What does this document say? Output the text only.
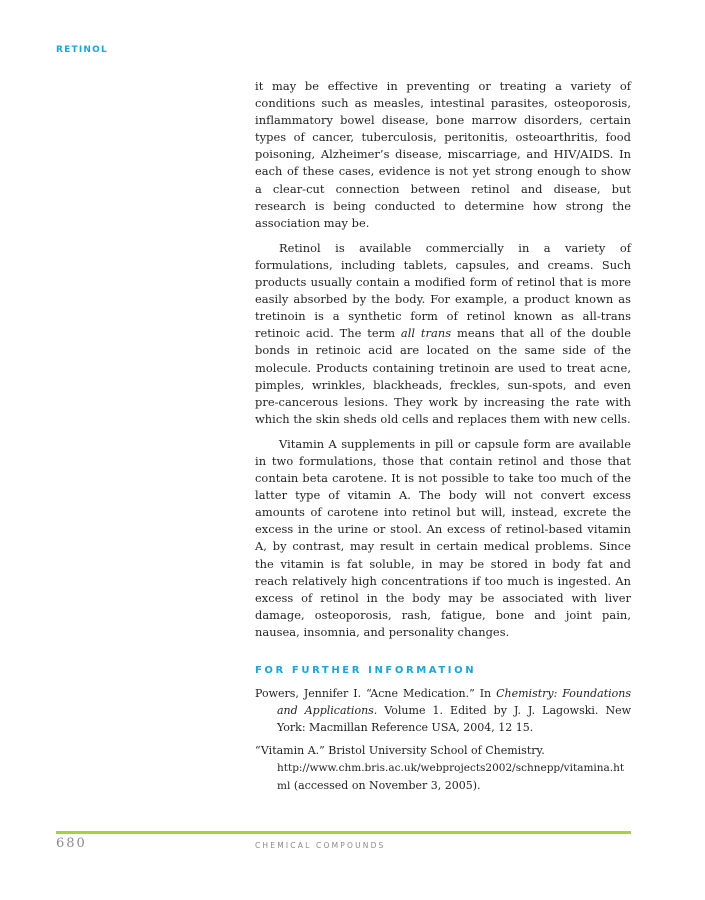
RETINOL

it may be effective in preventing or treating a variety of conditions such as measles, intestinal parasites, osteoporosis, inflammatory bowel disease, bone marrow disorders, certain types of cancer, tuberculosis, peritonitis, osteoarthritis, food poisoning, Alzheimer’s disease, miscarriage, and HIV/AIDS. In each of these cases, evidence is not yet strong enough to show a clear-cut connection between retinol and disease, but research is being conducted to determine how strong the association may be.

Retinol is available commercially in a variety of formulations, including tablets, capsules, and creams. Such products usually contain a modified form of retinol that is more easily absorbed by the body. For example, a product known as tretinoin is a synthetic form of retinol known as all-trans retinoic acid. The term all trans means that all of the double bonds in retinoic acid are located on the same side of the molecule. Products containing tretinoin are used to treat acne, pimples, wrinkles, blackheads, freckles, sun-spots, and even pre-cancerous lesions. They work by increasing the rate with which the skin sheds old cells and replaces them with new cells.

Vitamin A supplements in pill or capsule form are available in two formulations, those that contain retinol and those that contain beta carotene. It is not possible to take too much of the latter type of vitamin A. The body will not convert excess amounts of carotene into retinol but will, instead, excrete the excess in the urine or stool. An excess of retinol-based vitamin A, by contrast, may result in certain medical problems. Since the vitamin is fat soluble, in may be stored in body fat and reach relatively high concentrations if too much is ingested. An excess of retinol in the body may be associated with liver damage, osteoporosis, rash, fatigue, bone and joint pain, nausea, insomnia, and personality changes.

FOR FURTHER INFORMATION
Powers, Jennifer I. “Acne Medication.” In Chemistry: Foundations and Applications. Volume 1. Edited by J. J. Lagowski. New York: Macmillan Reference USA, 2004, 12 15.
“Vitamin A.” Bristol University School of Chemistry.
http://www.chm.bris.ac.uk/webprojects2002/schnepp/vitamina.html (accessed on November 3, 2005).
680	CHEMICAL COMPOUNDS
